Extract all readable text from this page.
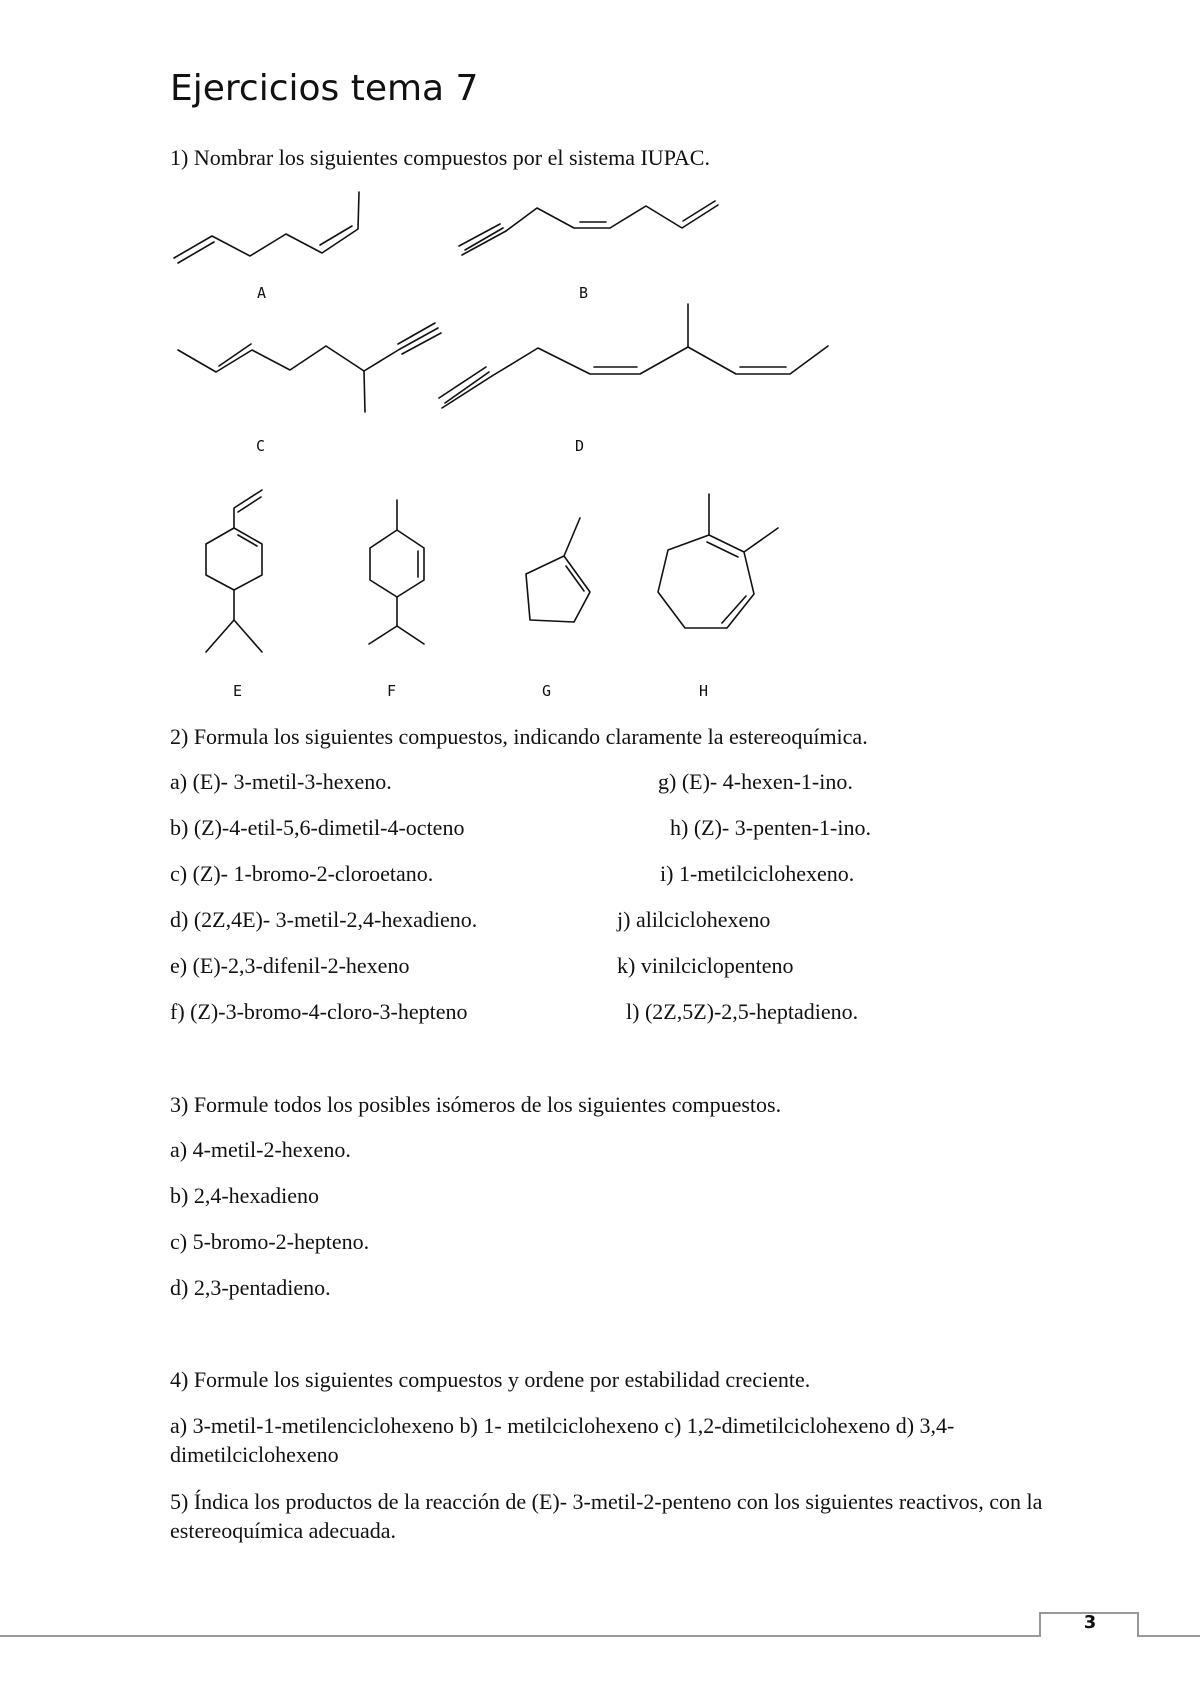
Ejercicios tema 7

1) Nombrar los siguientes compuestos por el sistema IUPAC.

A	B
C	D
E	F	G	H

2) Formula los siguientes compuestos, indicando claramente la estereoquímica.

a) (E)- 3-metil-3-hexeno.

b) (Z)-4-etil-5,6-dimetil-4-octeno

c) (Z)- 1-bromo-2-cloroetano.

d) (2Z,4E)- 3-metil-2,4-hexadieno.

e) (E)-2,3-difenil-2-hexeno

f) (Z)-3-bromo-4-cloro-3-hepteno

g) (E)- 4-hexen-1-ino.

h) (Z)- 3-penten-1-ino.

i) 1-metilciclohexeno.

j) alilciclohexeno

k) vinilciclopenteno

l) (2Z,5Z)-2,5-heptadieno.

3) Formule todos los posibles isómeros de los siguientes compuestos.

a) 4-metil-2-hexeno.

b) 2,4-hexadieno

c) 5-bromo-2-hepteno.

d) 2,3-pentadieno.

4) Formule los siguientes compuestos y ordene por estabilidad creciente.

a) 3-metil-1-metilenciclohexeno b) 1- metilciclohexeno c) 1,2-dimetilciclohexeno d) 3,4-dimetilciclohexeno

5) Índica los productos de la reacción de (E)- 3-metil-2-penteno con los siguientes reactivos, con la estereoquímica adecuada.

3
